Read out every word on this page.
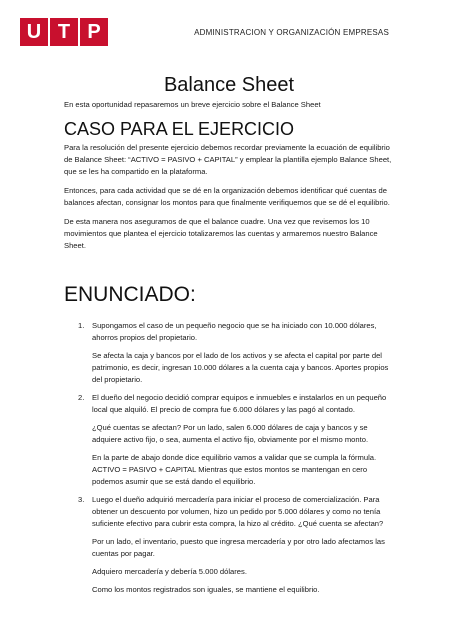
U T P	ADMINISTRACION Y ORGANIZACIÓN EMPRESAS
Balance Sheet

En esta oportunidad repasaremos un breve ejercicio sobre el Balance Sheet

CASO PARA EL EJERCICIO

Para la resolución del presente ejercicio debemos recordar previamente la ecuación de equilibrio de Balance Sheet: “ACTIVO = PASIVO + CAPITAL” y emplear la plantilla ejemplo Balance Sheet, que se les ha compartido en la plataforma.

Entonces, para cada actividad que se dé en la organización debemos identificar qué cuentas de balances afectan, consignar los montos para que finalmente verifiquemos que se dé el equilibrio.

De esta manera nos aseguramos de que el balance cuadre. Una vez que revisemos los 10 movimientos que plantea el ejercicio totalizaremos las cuentas y armaremos nuestro Balance Sheet.

ENUNCIADO:
1. Supongamos el caso de un pequeño negocio que se ha iniciado con 10.000 dólares, ahorros propios del propietario.

Se afecta la caja y bancos por el lado de los activos y se afecta el capital por parte del patrimonio, es decir, ingresan 10.000 dólares a la cuenta caja y bancos. Aportes propios del propietario.

2. El dueño del negocio decidió comprar equipos e inmuebles e instalarlos en un pequeño local que alquiló. El precio de compra fue 6.000 dólares y las pagó al contado.

¿Qué cuentas se afectan? Por un lado, salen 6.000 dólares de caja y bancos y se adquiere activo fijo, o sea, aumenta el activo fijo, obviamente por el mismo monto.

En la parte de abajo donde dice equilibrio vamos a validar que se cumpla la fórmula. ACTIVO = PASIVO + CAPITAL Mientras que estos montos se mantengan en cero podemos asumir que se está dando el equilibrio.

3. Luego el dueño adquirió mercadería para iniciar el proceso de comercialización. Para obtener un descuento por volumen, hizo un pedido por 5.000 dólares y como no tenía suficiente efectivo para cubrir esta compra, la hizo al crédito. ¿Qué cuenta se afectan?

Por un lado, el inventario, puesto que ingresa mercadería y por otro lado afectamos las cuentas por pagar.

Adquiero mercadería y debería 5.000 dólares.

Como los montos registrados son iguales, se mantiene el equilibrio.
